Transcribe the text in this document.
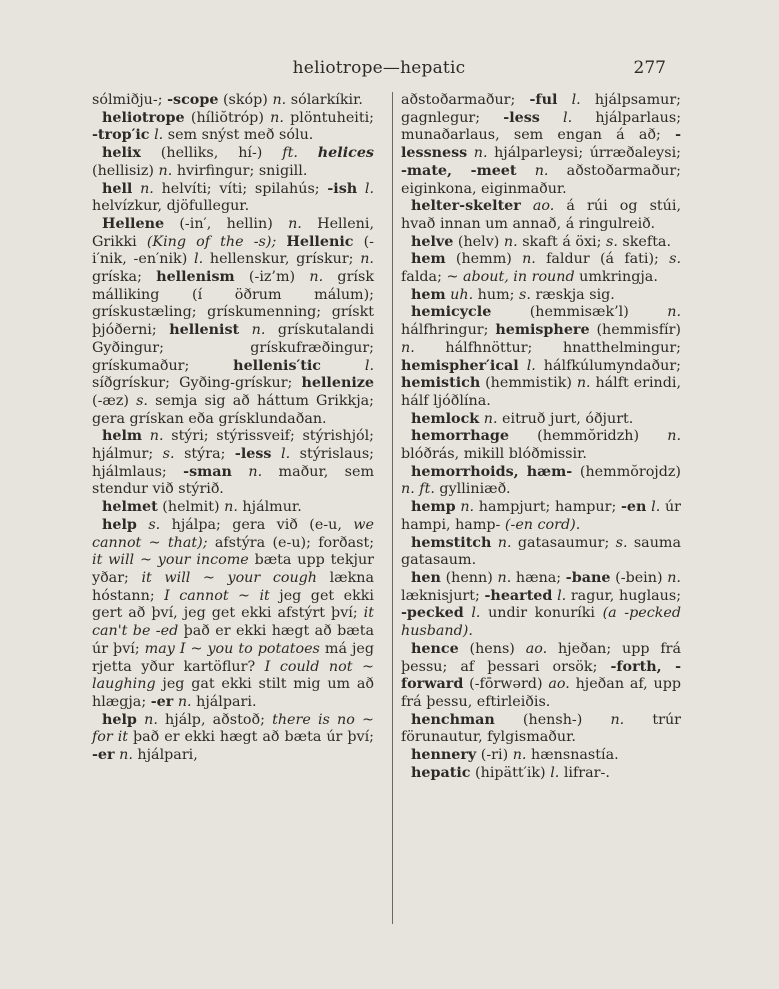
heliotrope—hepatic	277

sólmiðju-; -scope (skóp) n. sólarkíkir.

heliotrope (híliŏtróp) n. plöntuheiti; -trop′ic l. sem snýst með sólu.

helix (helliks, hí-) ft. helices (hellisiz) n. hvirfingur; snigill.

hell n. helvíti; víti; spilahús; -ish l. helvízkur, djöfullegur.

Hellene (-in′, hellin) n. Helleni, Grikki (King of the -s); Hellenic (-i′nik, -en′nik) l. hellenskur, grískur; n. gríska; hellenism (-iz’m) n. grísk málliking (í öðrum málum); grískustæling; grískumenning; grískt þjóðerni; hellenist n. grískutalandi Gyðingur; grískufræðingur; grískumaður; hellenis′tic	l. síðgrískur; Gyðing-grískur; hellenize (-æz) s. semja sig að háttum Grikkja; gera grískan eða grísklundaðan.

helm n. stýri; stýrissveif; stýrishjól; hjálmur; s. stýra; -less l. stýrislaus; hjálmlaus; -sman n. maður, sem stendur við stýrið.

helmet (helmit) n. hjálmur.

help s. hjálpa; gera við (e-u, we cannot ~ that); afstýra (e-u); forðast; it will ~ your income bæta upp tekjur yðar; it will ~ your cough lækna hóstann; I cannot ~ it jeg get ekki gert að því, jeg get ekki afstýrt því; it can't be -ed það er ekki hægt að bæta úr því; may I ~ you to potatoes má jeg rjetta yður kartöflur? I could not ~ laughing jeg gat ekki stilt mig um að hlægja; -er n. hjálpari.

help n. hjálp, aðstoð; there is no ~ for it það er ekki hægt að bæta úr því; -er n. hjálpari,

aðstoðarmaður; -ful l. hjálpsamur; gagnlegur; -less l. hjálparlaus; munaðarlaus, sem engan á að; -lessness n. hjálparleysi; úrræðaleysi; -mate, -meet n. aðstoðarmaður; eiginkona, eiginmaður.

helter-skelter ao. á rúi og stúi, hvað innan um annað, á ringulreið.

helve (helv) n. skaft á öxi; s. skefta.

hem (hemm) n. faldur (á fati); s. falda; ~ about, in round umkringja.

hem uh. hum; s. ræskja sig.

hemicycle (hemmisæk’l) n. hálfhringur; hemisphere (hemmisfír) n. hálfhnöttur; hnatthelmingur; hemispher′ical l. hálfkúlumyndaður; hemistich (hemmistik) n. hálft erindi, hálf ljóðlína.

hemlock n. eitruð jurt, óðjurt.

hemorrhage (hemmŏridzh) n. blóðrás, mikill blóðmissir.

hemorrhoids, hæm- (hemmŏrojdz) n. ft. gylliniæð.

hemp n. hampjurt; hampur; -en l. úr hampi, hamp- (-en cord).

hemstitch n. gatasaumur; s. sauma gatasaum.

hen (henn) n. hæna; -bane (-bein) n. læknisjurt; -hearted l. ragur, huglaus; -pecked l. undir konuríki (a -pecked husband).

hence (hens) ao. hjeðan; upp frá þessu; af þessari orsök; -forth, -forward (-fōrwərd) ao. hjeðan af, upp frá þessu, eftirleiðis.

henchman (hensh-) n. trúr förunautur, fylgismaður.

hennery (-ri) n. hænsnastía.

hepatic (hipätt′ik) l. lifrar-.
